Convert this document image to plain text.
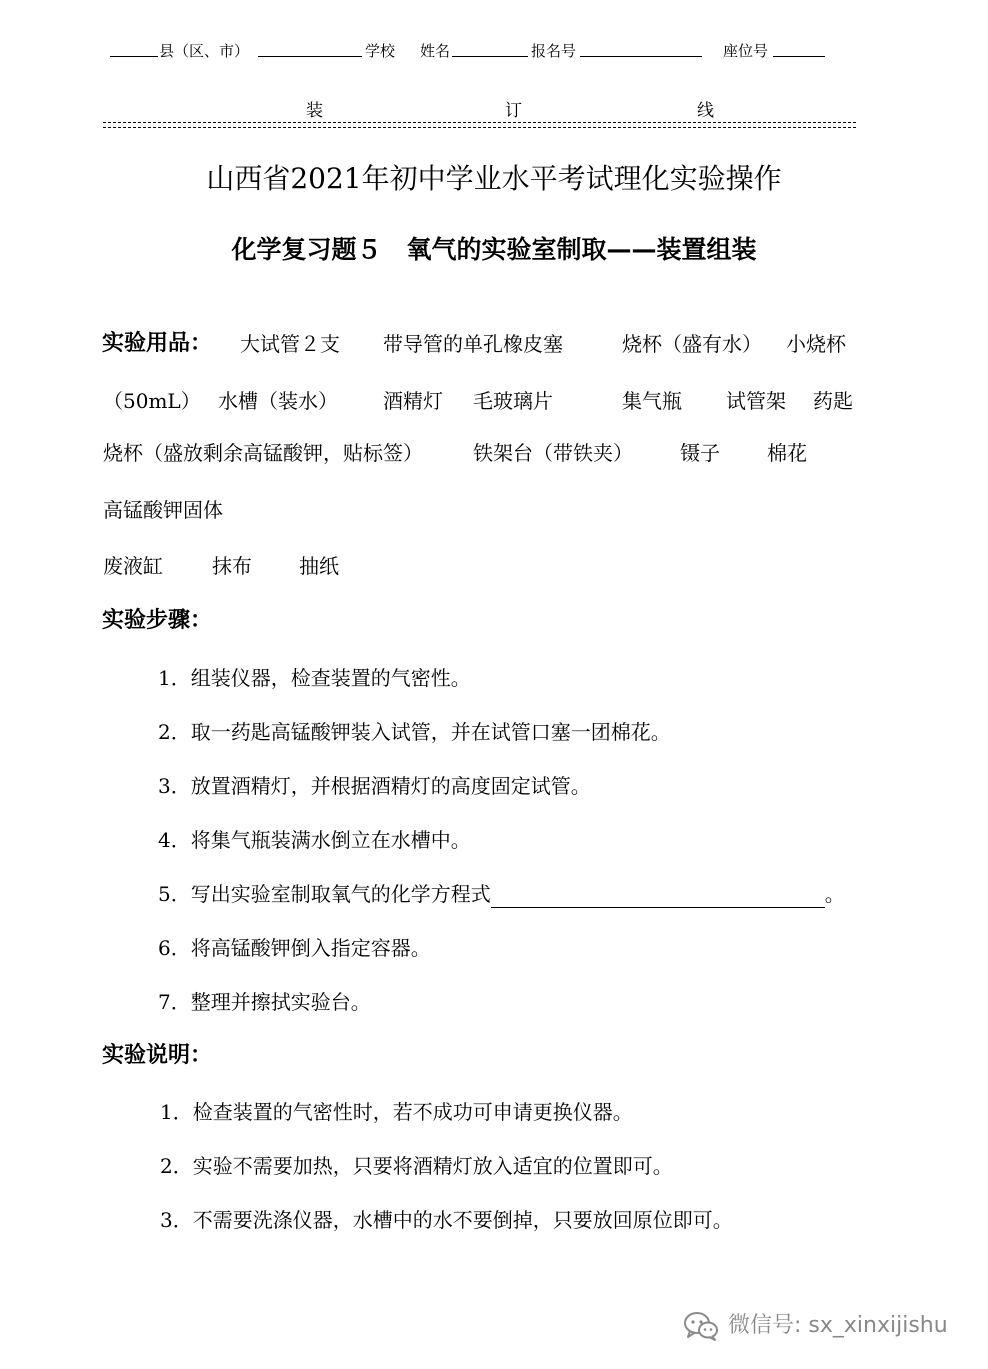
县（区、市）	学校 姓名	报名号	座位号
装	订	线
山西省2021年初中学业水平考试理化实验操作
化学复习题５　氧气的实验室制取——装置组装
实验用品： 大试管２支 带导管的单孔橡皮塞	烧杯（盛有水） 小烧杯
（50mL） 水槽（装水） 酒精灯 毛玻璃片	集气瓶 试管架 药匙
烧杯（盛放剩余高锰酸钾，贴标签）	铁架台（带铁夹） 镊子 棉花
高锰酸钾固体
废液缸 抹布 抽纸
实验步骤：
1．组装仪器，检查装置的气密性。
2．取一药匙高锰酸钾装入试管，并在试管口塞一团棉花。
3．放置酒精灯，并根据酒精灯的高度固定试管。
4．将集气瓶装满水倒立在水槽中。
5．写出实验室制取氧气的化学方程式	。
6．将高锰酸钾倒入指定容器。
7．整理并擦拭实验台。
实验说明：
1．检查装置的气密性时，若不成功可申请更换仪器。
2．实验不需要加热，只要将酒精灯放入适宜的位置即可。
3．不需要洗涤仪器，水槽中的水不要倒掉，只要放回原位即可。
微信号: sx_xinxijishu
